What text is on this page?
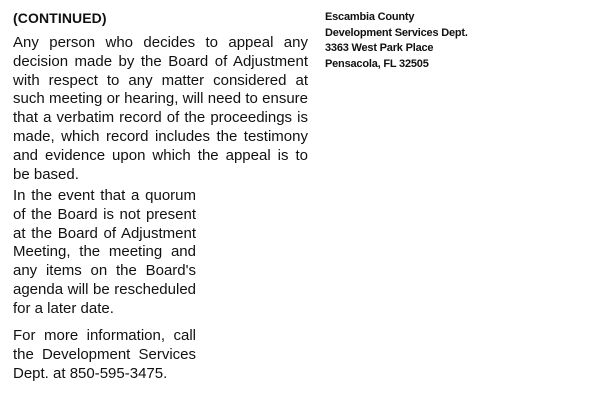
(CONTINUED)

Any person who decides to appeal any decision made by the Board of Adjustment with respect to any matter considered at such meeting or hearing, will need to ensure that a verbatim record of the proceedings is made, which record includes the testimony and evidence upon which the appeal is to be based.

In the event that a quorum of the Board is not present at the Board of Adjustment Meeting, the meeting and any items on the Board's agenda will be rescheduled for a later date.

For more information, call the Development Services Dept. at 850-595-3475.

Escambia County
Development Services Dept.
3363 West Park Place
Pensacola, FL 32505
